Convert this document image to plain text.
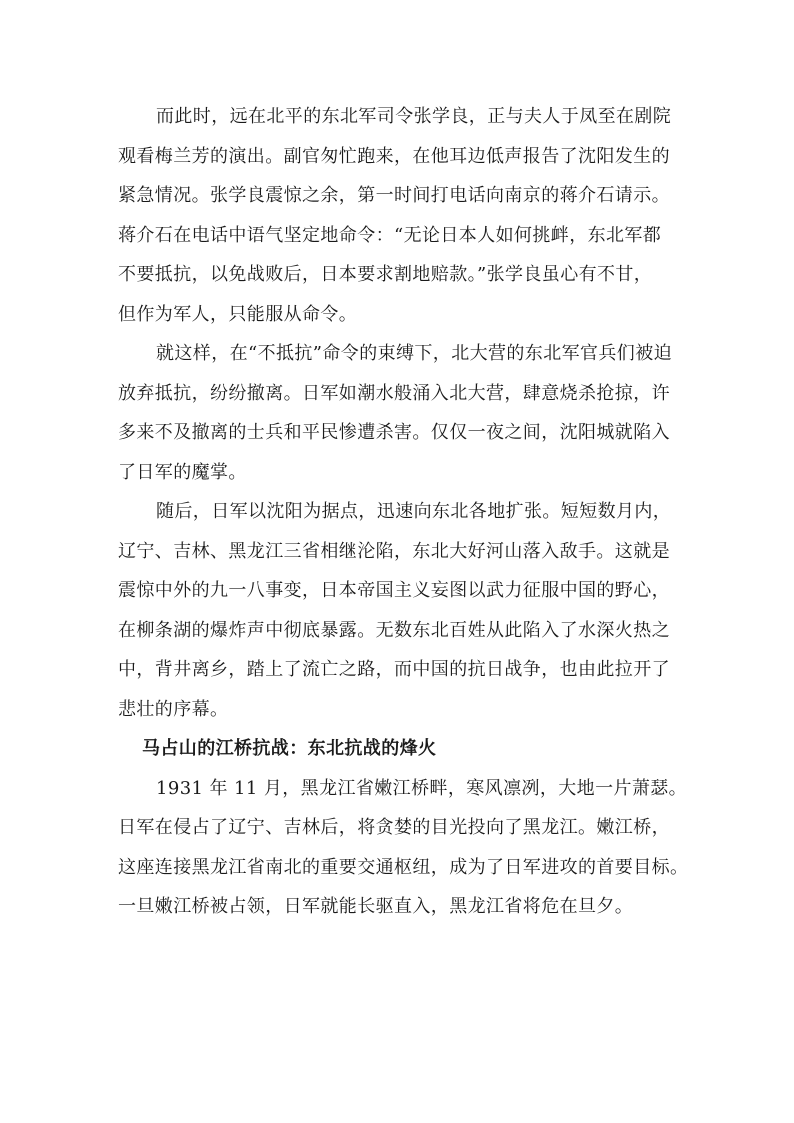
而此时，远在北平的东北军司令张学良，正与夫人于凤至在剧院
观看梅兰芳的演出。副官匆忙跑来，在他耳边低声报告了沈阳发生的
紧急情况。张学良震惊之余，第一时间打电话向南京的蒋介石请示。
蒋介石在电话中语气坚定地命令：“无论日本人如何挑衅，东北军都
不要抵抗，以免战败后，日本要求割地赔款。”张学良虽心有不甘，
但作为军人，只能服从命令。
就这样，在“不抵抗”命令的束缚下，北大营的东北军官兵们被迫
放弃抵抗，纷纷撤离。日军如潮水般涌入北大营，肆意烧杀抢掠，许
多来不及撤离的士兵和平民惨遭杀害。仅仅一夜之间，沈阳城就陷入
了日军的魔掌。
随后，日军以沈阳为据点，迅速向东北各地扩张。短短数月内，
辽宁、吉林、黑龙江三省相继沦陷，东北大好河山落入敌手。这就是
震惊中外的九一八事变，日本帝国主义妄图以武力征服中国的野心，
在柳条湖的爆炸声中彻底暴露。无数东北百姓从此陷入了水深火热之
中，背井离乡，踏上了流亡之路，而中国的抗日战争，也由此拉开了
悲壮的序幕。
马占山的江桥抗战：东北抗战的烽火
1931 年 11 月，黑龙江省嫩江桥畔，寒风凛冽，大地一片萧瑟。
日军在侵占了辽宁、吉林后，将贪婪的目光投向了黑龙江。嫩江桥，
这座连接黑龙江省南北的重要交通枢纽，成为了日军进攻的首要目标。
一旦嫩江桥被占领，日军就能长驱直入，黑龙江省将危在旦夕。
